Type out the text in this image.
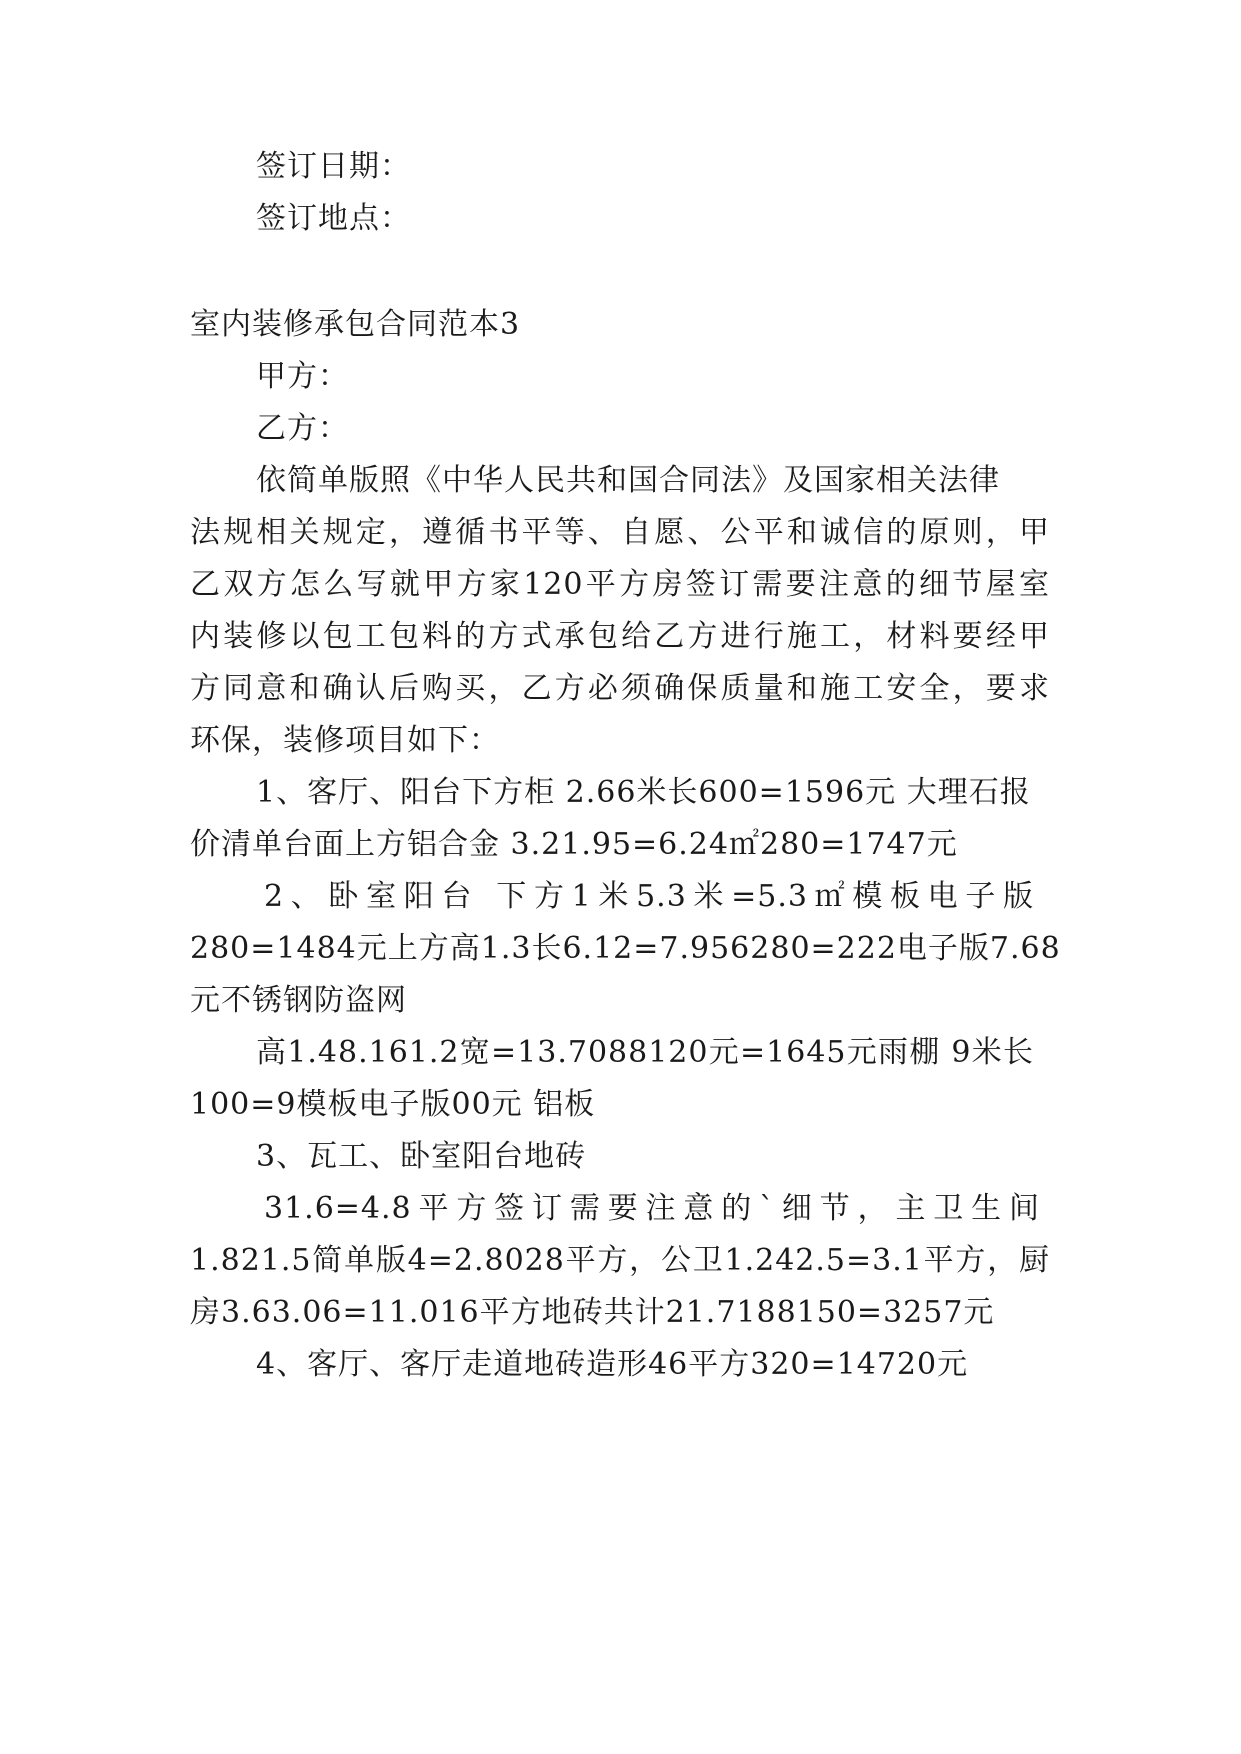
签订日期：
签订地点：
室内装修承包合同范本3
甲方：
乙方：
依简单版照《中华人民共和国合同法》及国家相关法律
法规相关规定，遵循书平等、自愿、公平和诚信的原则，甲
乙双方怎么写就甲方家120平方房签订需要注意的细节屋室
内装修以包工包料的方式承包给乙方进行施工，材料要经甲
方同意和确认后购买，乙方必须确保质量和施工安全，要求
环保，装修项目如下：
1、客厅、阳台下方柜 2.66米长600=1596元 大理石报
价清单台面上方铝合金 3.21.95=6.24㎡280=1747元
2、卧室阳台 下方1米5.3米=5.3㎡模板电子版
280=1484元上方高1.3长6.12=7.956280=222电子版7.68
元不锈钢防盗网
高1.48.161.2宽=13.7088120元=1645元雨棚 9米长
100=9模板电子版00元 铝板
3、瓦工、卧室阳台地砖
31.6=4.8平方签订需要注意的`细节，主卫生间
1.821.5简单版4=2.8028平方，公卫1.242.5=3.1平方，厨
房3.63.06=11.016平方地砖共计21.7188150=3257元
4、客厅、客厅走道地砖造形46平方320=14720元
